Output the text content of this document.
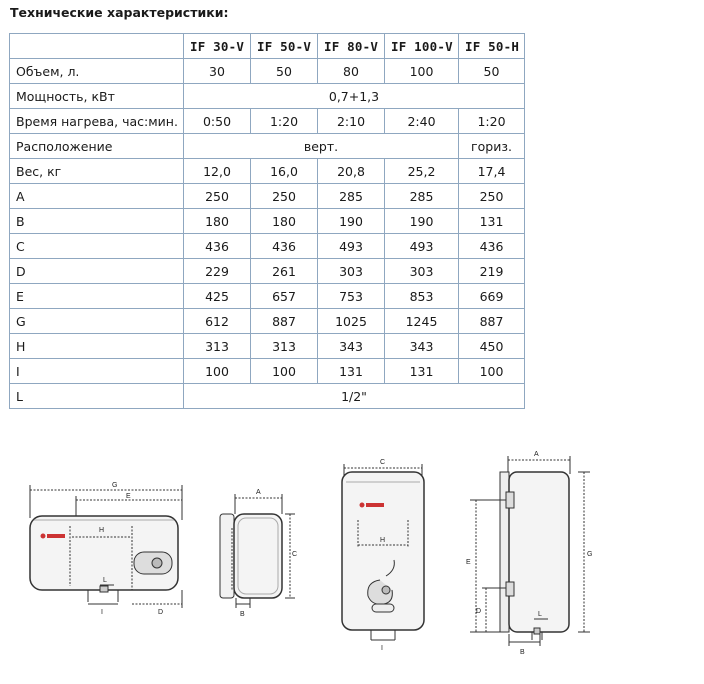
Технические характеристики:
	IF 30-V	IF 50-V	IF 80-V	IF 100-V	IF 50-H
Объем, л.	30	50	80	100	50
Мощность, кВт	0,7+1,3				
Время нагрева, час:мин.	0:50	1:20	2:10	2:40	1:20
Расположение	верт.				гориз.
Вес, кг	12,0	16,0	20,8	25,2	17,4
A	250	250	285	285	250
B	180	180	190	190	131
C	436	436	493	493	436
D	229	261	303	303	219
E	425	657	753	853	669
G	612	887	1025	1245	887
H	313	313	343	343	450
I	100	100	131	131	100
L	1/2"				
G
E
H
L
I	D
A
C
B
C
H
I
A
G
E
D	L
B
